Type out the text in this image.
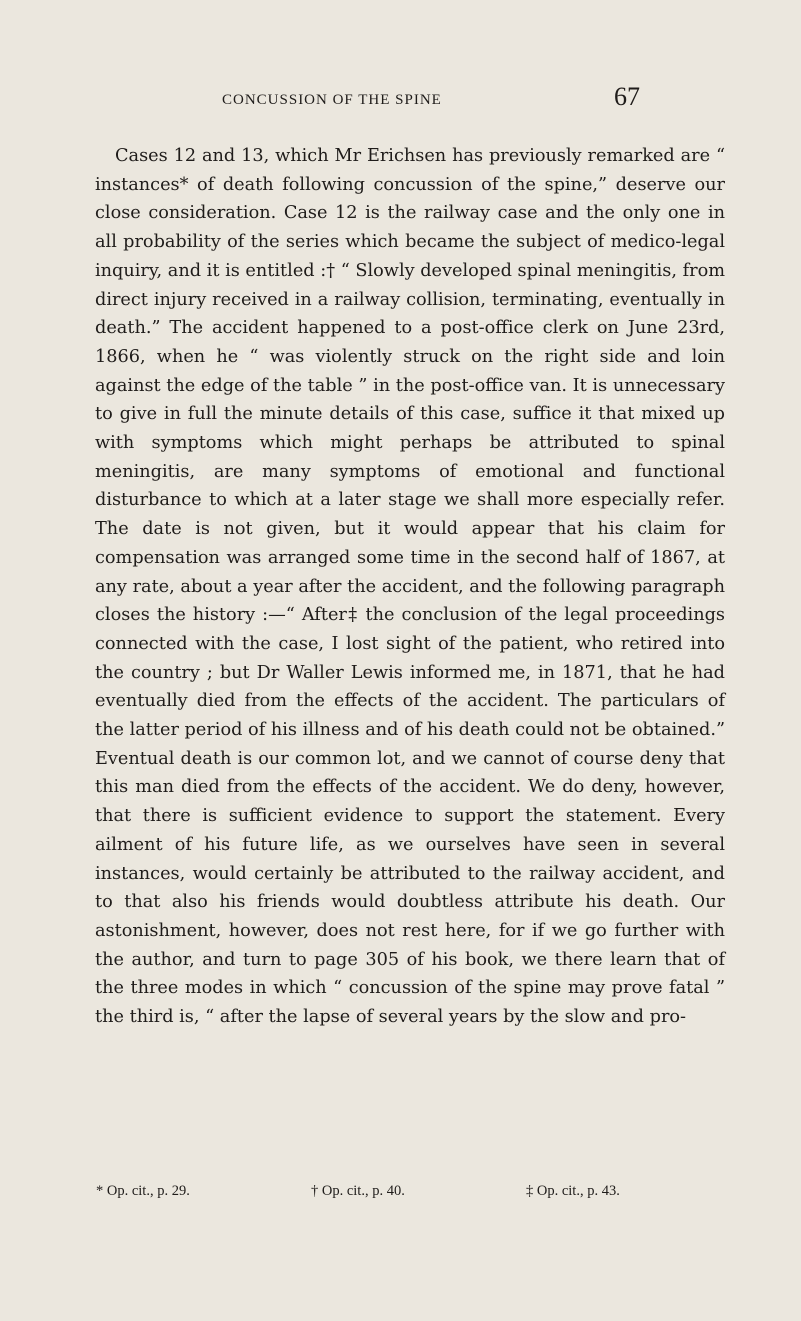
CONCUSSION OF THE SPINE	67

Cases 12 and 13, which Mr Erichsen has previously remarked are “ instances* of death following concussion of the spine,” deserve our close consideration. Case 12 is the railway case and the only one in all probability of the series which became the subject of medico-legal inquiry, and it is entitled :† “ Slowly developed spinal meningitis, from direct injury received in a railway collision, terminating, eventually in death.” The accident happened to a post-office clerk on June 23rd, 1866, when he “ was violently struck on the right side and loin against the edge of the table ” in the post-office van. It is unnecessary to give in full the minute details of this case, suffice it that mixed up with symptoms which might perhaps be attributed to spinal meningitis, are many symptoms of emotional and functional disturbance to which at a later stage we shall more especially refer. The date is not given, but it would appear that his claim for compensation was arranged some time in the second half of 1867, at any rate, about a year after the accident, and the following paragraph closes the history :—“ After‡ the conclusion of the legal proceedings connected with the case, I lost sight of the patient, who retired into the country ; but Dr Waller Lewis informed me, in 1871, that he had eventually died from the effects of the accident. The particulars of the latter period of his illness and of his death could not be obtained.” Eventual death is our common lot, and we cannot of course deny that this man died from the effects of the accident. We do deny, however, that there is sufficient evidence to support the statement. Every ailment of his future life, as we ourselves have seen in several instances, would certainly be attributed to the railway accident, and to that also his friends would doubtless attribute his death. Our astonishment, however, does not rest here, for if we go further with the author, and turn to page 305 of his book, we there learn that of the three modes in which “ concussion of the spine may prove fatal ” the third is, “ after the lapse of several years by the slow and pro-

* Op. cit., p. 29.	† Op. cit., p. 40.	‡ Op. cit., p. 43.
